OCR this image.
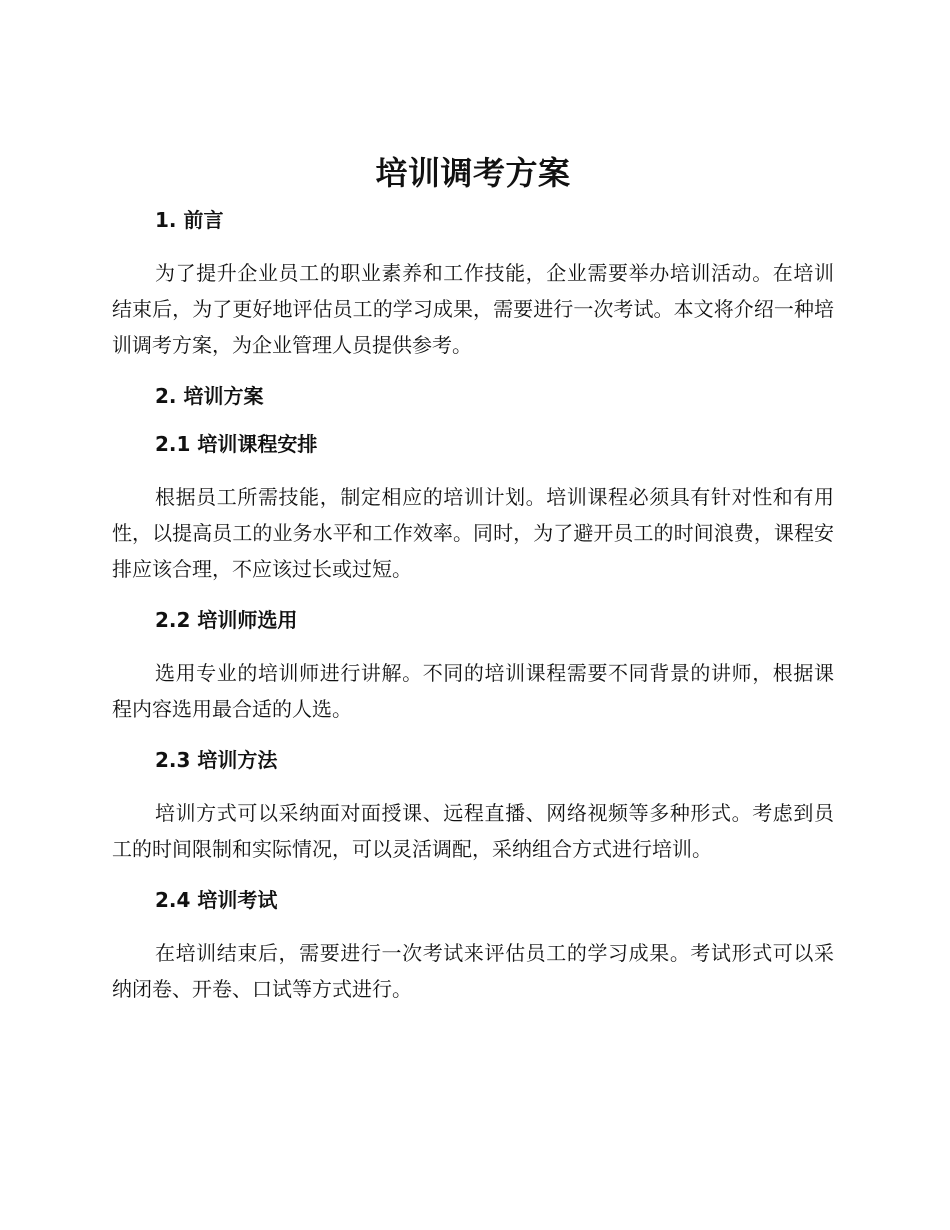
培训调考方案
1. 前言

为了提升企业员工的职业素养和工作技能，企业需要举办培训活动。在培训结束后，为了更好地评估员工的学习成果，需要进行一次考试。本文将介绍一种培训调考方案，为企业管理人员提供参考。

2. 培训方案
2.1 培训课程安排

根据员工所需技能，制定相应的培训计划。培训课程必须具有针对性和有用性，以提高员工的业务水平和工作效率。同时，为了避开员工的时间浪费，课程安排应该合理，不应该过长或过短。

2.2 培训师选用

选用专业的培训师进行讲解。不同的培训课程需要不同背景的讲师，根据课程内容选用最合适的人选。

2.3 培训方法

培训方式可以采纳面对面授课、远程直播、网络视频等多种形式。考虑到员工的时间限制和实际情况，可以灵活调配，采纳组合方式进行培训。

2.4 培训考试

在培训结束后，需要进行一次考试来评估员工的学习成果。考试形式可以采纳闭卷、开卷、口试等方式进行。
